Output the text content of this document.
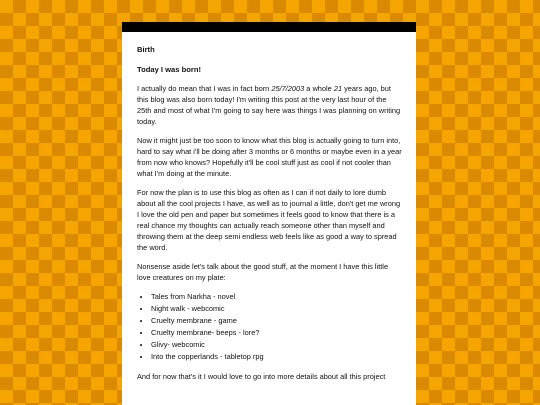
Birth
Today I was born!

I actually do mean that I was in fact born 25/7/2003 a whole 21 years ago, but this blog was also born today! I'm writing this post at the very last hour of the 25th and most of what I'm going to say here was things I was planning on writing today.

Now it might just be too soon to know what this blog is actually going to turn into, hard to say what i'll be doing after 3 months or 6 months or maybe even in a year from now who knows? Hopefully it'll be cool stuff just as cool if not cooler than what I'm doing at the minute.

For now the plan is to use this blog as often as I can if not daily to lore dumb about all the cool projects I have, as well as to journal a little, don't get me wrong I love the old pen and paper but sometimes it feels good to know that there is a real chance my thoughts can actually reach someone other than myself and throwing them at the deep semi endless web feels like as good a way to spread the word.

Nonsense aside let's talk about the good stuff, at the moment I have this little love creatures on my plate:

• Tales from Narkha - novel
• Night walk - webcomic
• Cruelty membrane - game
• Cruelty membrane- beeps - lore?
• Glivy- webcomic
• Into the copperlands - tabletop rpg

And for now that's it I would love to go into more details about all this project
